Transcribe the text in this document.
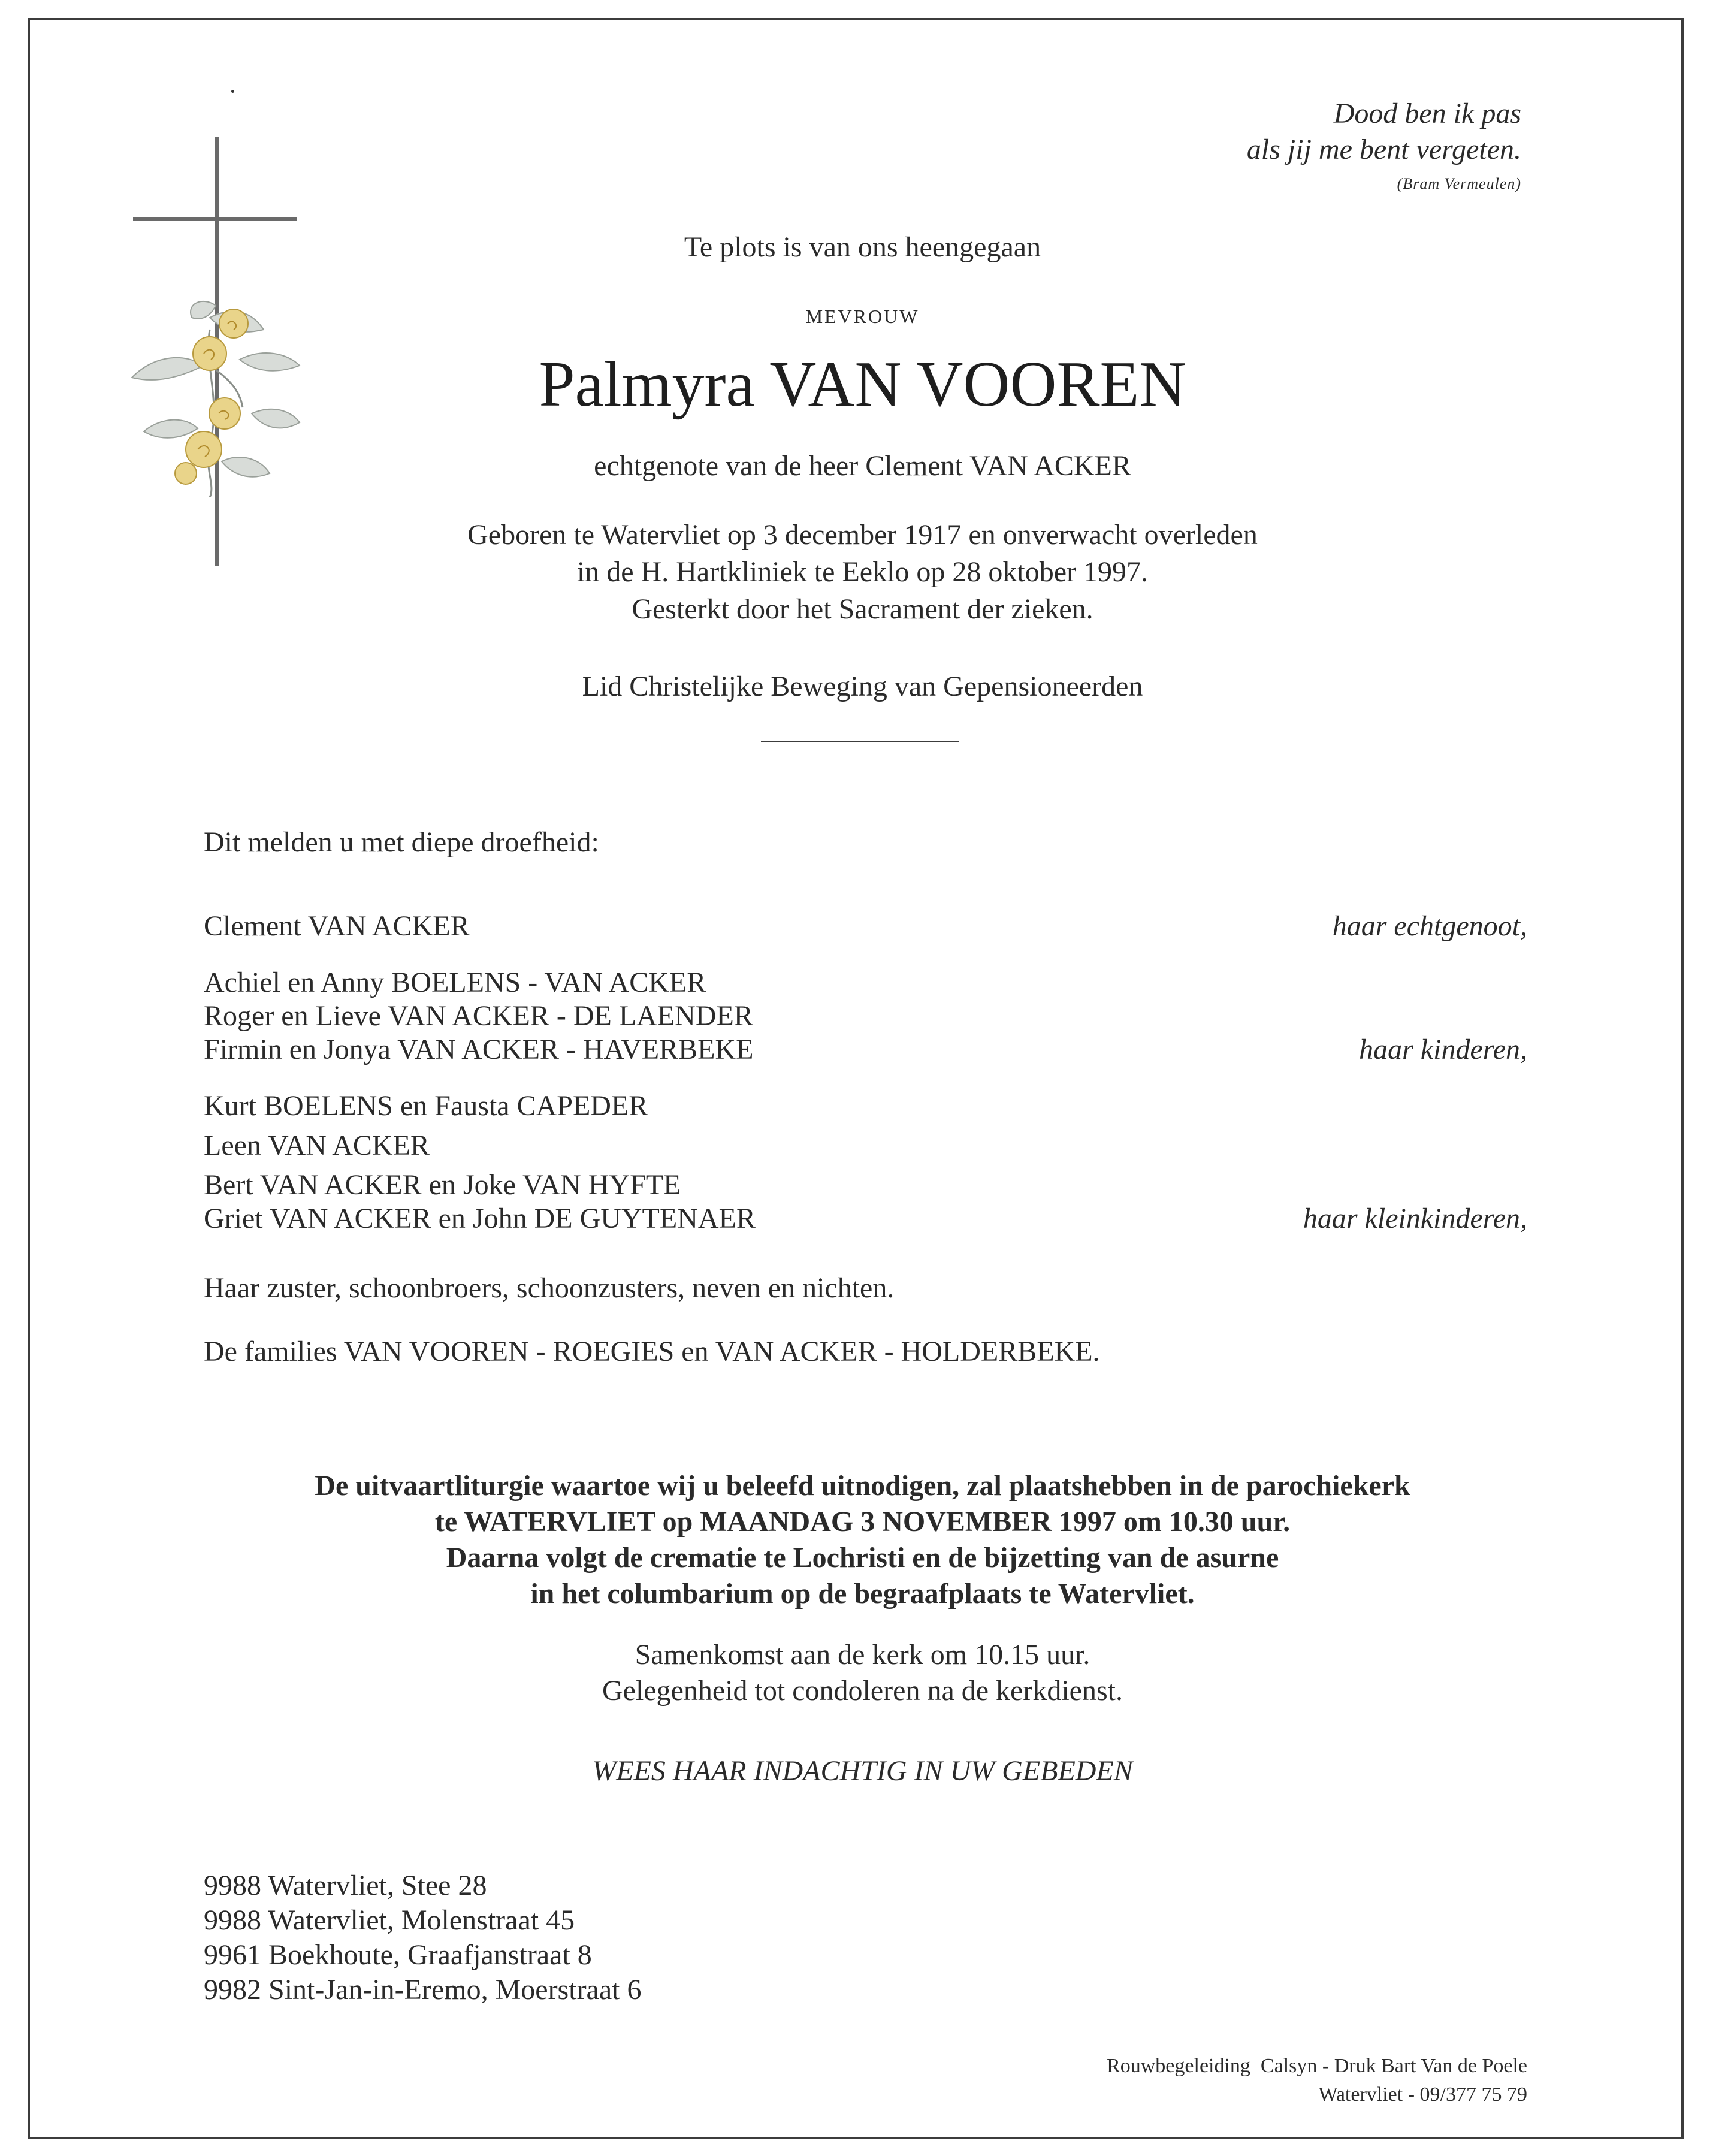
Dood ben ik pas
als jij me bent vergeten.
(Bram Vermeulen)
Te plots is van ons heengegaan
MEVROUW
Palmyra VAN VOOREN
echtgenote van de heer Clement VAN ACKER
Geboren te Watervliet op 3 december 1917 en onverwacht overleden
in de H. Hartkliniek te Eeklo op 28 oktober 1997.
Gesterkt door het Sacrament der zieken.
Lid Christelijke Beweging van Gepensioneerden
Dit melden u met diepe droefheid:
Clement VAN ACKER	haar echtgenoot,
Achiel en Anny BOELENS - VAN ACKER
Roger en Lieve VAN ACKER - DE LAENDER
Firmin en Jonya VAN ACKER - HAVERBEKE	haar kinderen,
Kurt BOELENS en Fausta CAPEDER
Leen VAN ACKER
Bert VAN ACKER en Joke VAN HYFTE
Griet VAN ACKER en John DE GUYTENAER	haar kleinkinderen,
Haar zuster, schoonbroers, schoonzusters, neven en nichten.
De families VAN VOOREN - ROEGIES en VAN ACKER - HOLDERBEKE.
De uitvaartliturgie waartoe wij u beleefd uitnodigen, zal plaatshebben in de parochiekerk
te WATERVLIET op MAANDAG 3 NOVEMBER 1997 om 10.30 uur.
Daarna volgt de crematie te Lochristi en de bijzetting van de asurne
in het columbarium op de begraafplaats te Watervliet.
Samenkomst aan de kerk om 10.15 uur.
Gelegenheid tot condoleren na de kerkdienst.
WEES HAAR INDACHTIG IN UW GEBEDEN
9988 Watervliet, Stee 28
9988 Watervliet, Molenstraat 45
9961 Boekhoute, Graafjanstraat 8
9982 Sint-Jan-in-Eremo, Moerstraat 6
Rouwbegeleiding  Calsyn - Druk Bart Van de Poele
Watervliet - 09/377 75 79
